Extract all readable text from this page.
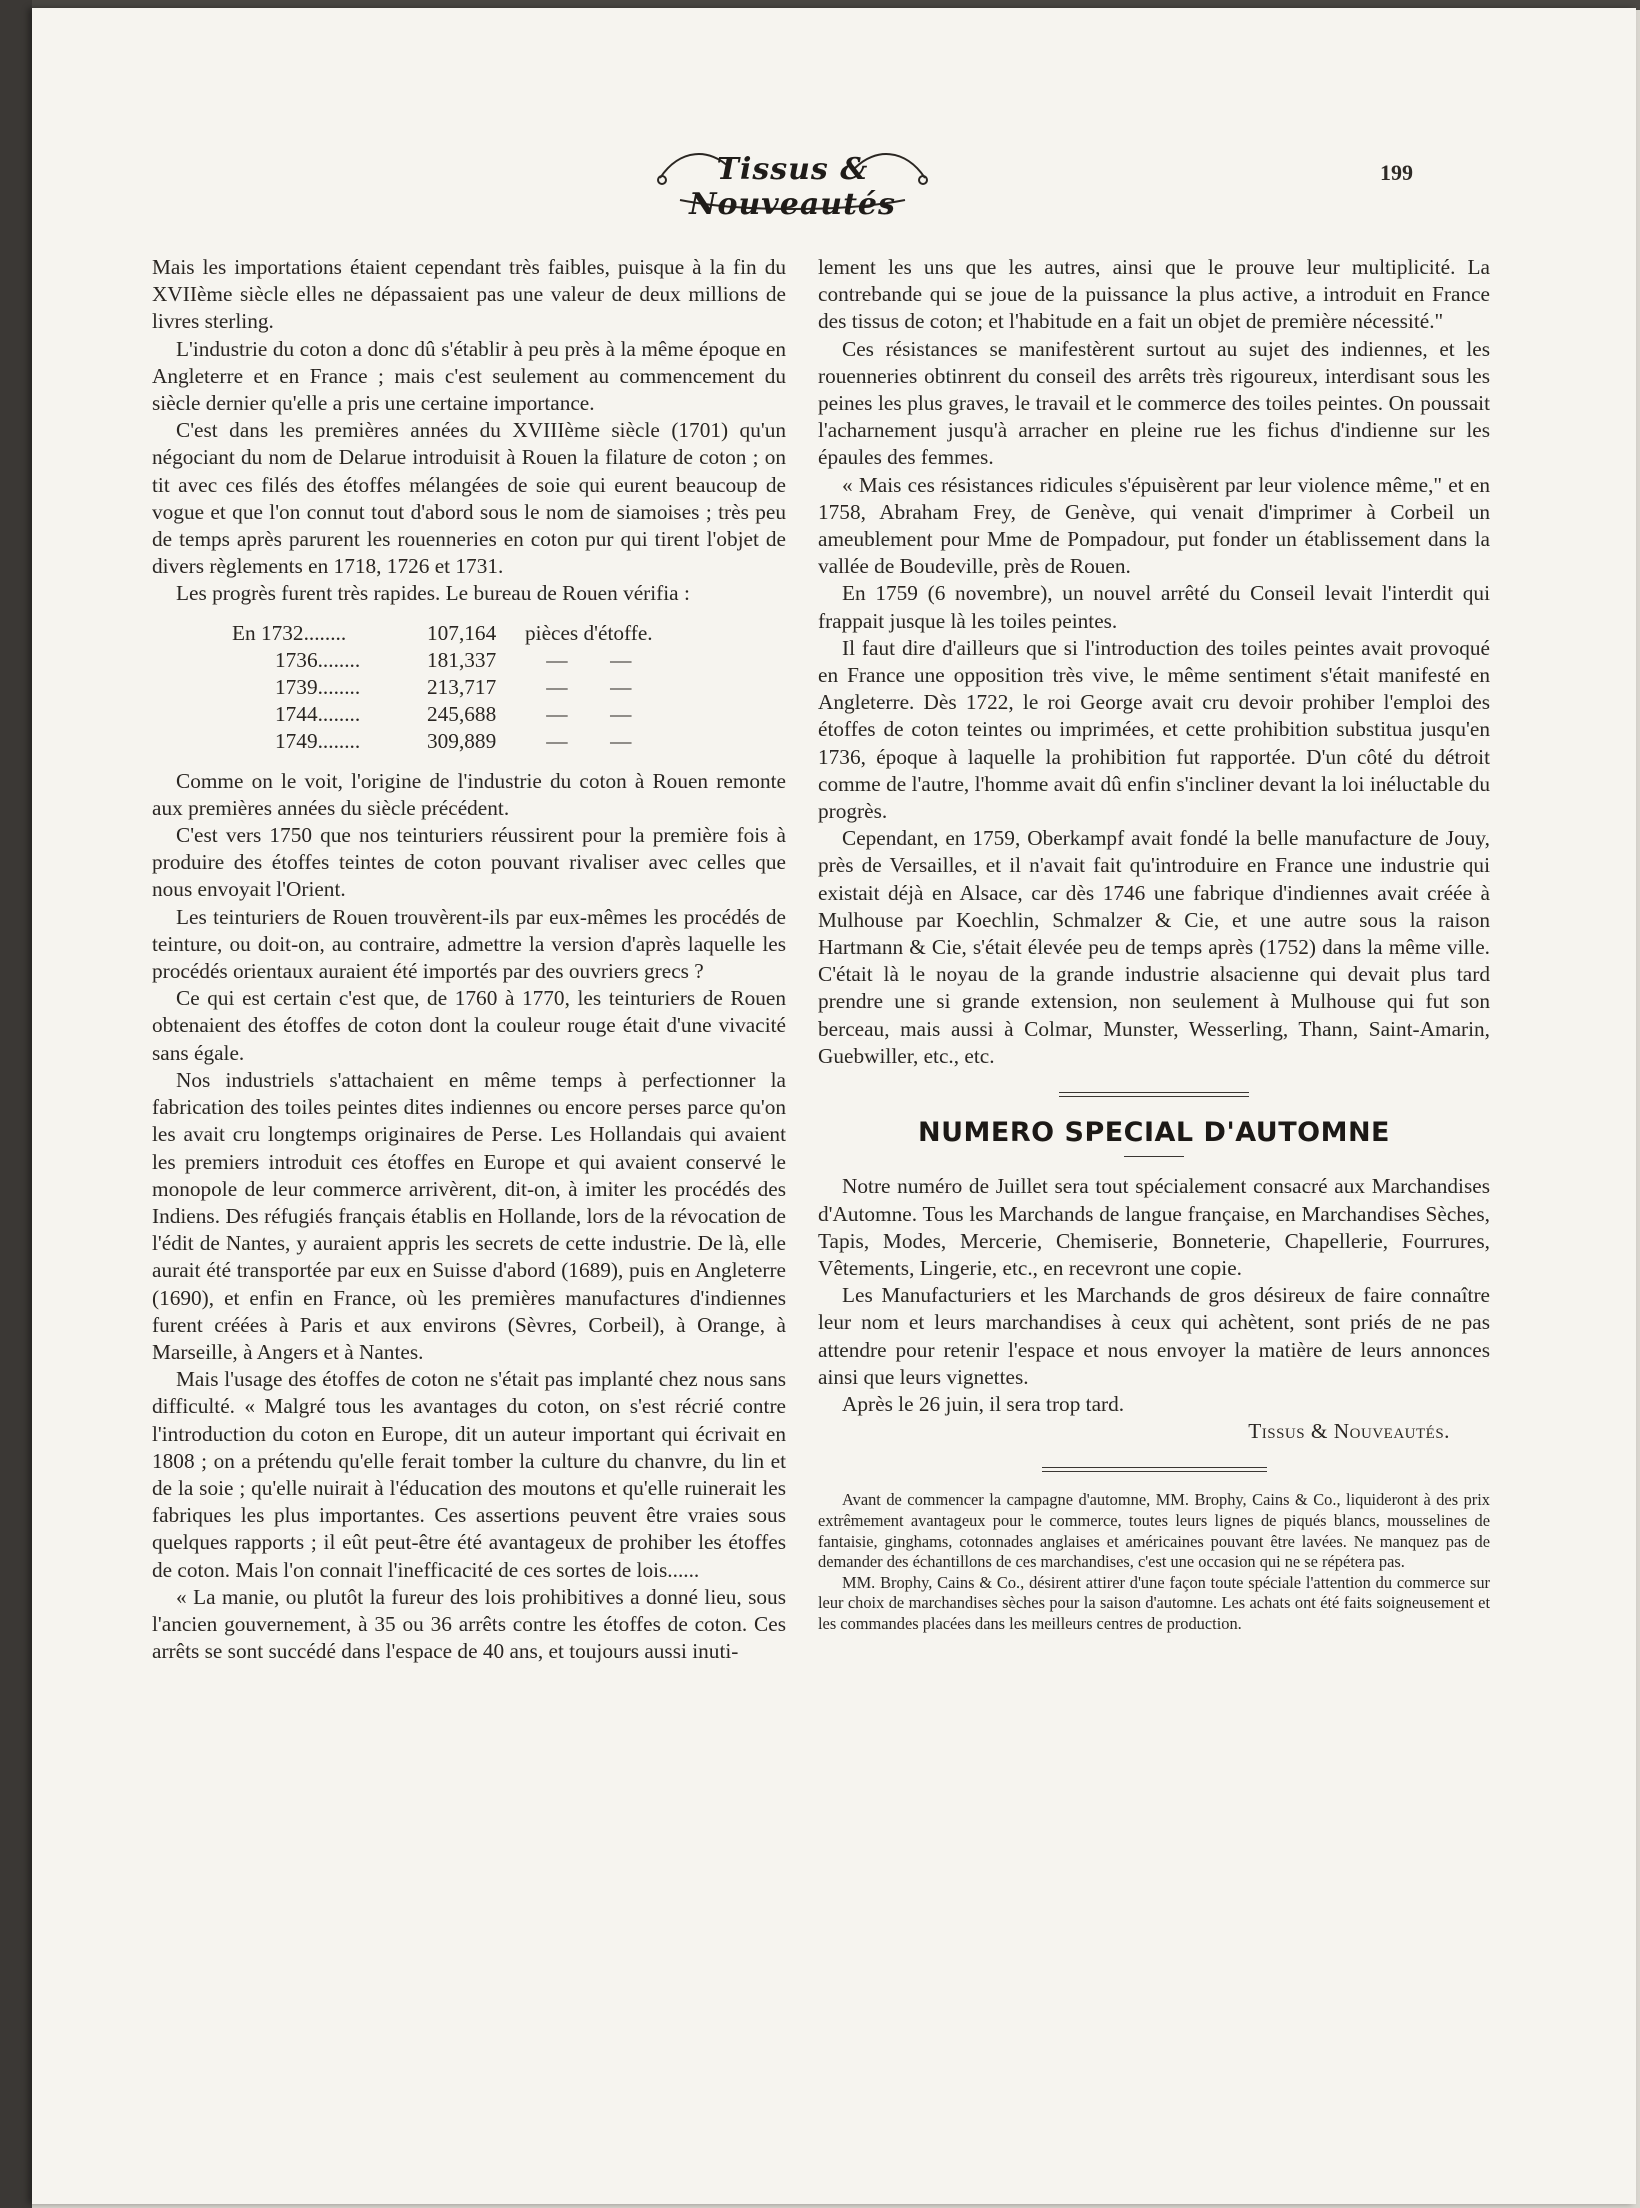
Tissus & Nouveautés
199

Mais les importations étaient cependant très faibles, puisque à la fin du XVIIème siècle elles ne dépassaient pas une valeur de deux millions de livres sterling.

L'industrie du coton a donc dû s'établir à peu près à la même époque en Angleterre et en France ; mais c'est seulement au commencement du siècle dernier qu'elle a pris une certaine importance.

C'est dans les premières années du XVIIIème siècle (1701) qu'un négociant du nom de Delarue introduisit à Rouen la filature de coton ; on tit avec ces filés des étoffes mélangées de soie qui eurent beaucoup de vogue et que l'on connut tout d'abord sous le nom de siamoises ; très peu de temps après parurent les rouenneries en coton pur qui tirent l'objet de divers règlements en 1718, 1726 et 1731.

Les progrès furent très rapides. Le bureau de Rouen vérifia :

En 1732........	107,164	pièces d'étoffe.	
1736........	181,337	—	—
1739........	213,717	—	—
1744........	245,688	—	—
1749........	309,889	—	—

Comme on le voit, l'origine de l'industrie du coton à Rouen remonte aux premières années du siècle précédent.

C'est vers 1750 que nos teinturiers réussirent pour la première fois à produire des étoffes teintes de coton pouvant rivaliser avec celles que nous envoyait l'Orient.

Les teinturiers de Rouen trouvèrent-ils par eux-mêmes les procédés de teinture, ou doit-on, au contraire, admettre la version d'après laquelle les procédés orientaux auraient été importés par des ouvriers grecs ?

Ce qui est certain c'est que, de 1760 à 1770, les teinturiers de Rouen obtenaient des étoffes de coton dont la couleur rouge était d'une vivacité sans égale.

Nos industriels s'attachaient en même temps à perfectionner la fabrication des toiles peintes dites indiennes ou encore perses parce qu'on les avait cru longtemps originaires de Perse. Les Hollandais qui avaient les premiers introduit ces étoffes en Europe et qui avaient conservé le monopole de leur commerce arrivèrent, dit-on, à imiter les procédés des Indiens. Des réfugiés français établis en Hollande, lors de la révocation de l'édit de Nantes, y auraient appris les secrets de cette industrie. De là, elle aurait été transportée par eux en Suisse d'abord (1689), puis en Angleterre (1690), et enfin en France, où les premières manufactures d'indiennes furent créées à Paris et aux environs (Sèvres, Corbeil), à Orange, à Marseille, à Angers et à Nantes.

Mais l'usage des étoffes de coton ne s'était pas implanté chez nous sans difficulté. « Malgré tous les avantages du coton, on s'est récrié contre l'introduction du coton en Europe, dit un auteur important qui écrivait en 1808 ; on a prétendu qu'elle ferait tomber la culture du chanvre, du lin et de la soie ; qu'elle nuirait à l'éducation des moutons et qu'elle ruinerait les fabriques les plus importantes. Ces assertions peuvent être vraies sous quelques rapports ; il eût peut-être été avantageux de prohiber les étoffes de coton. Mais l'on connait l'inefficacité de ces sortes de lois......

« La manie, ou plutôt la fureur des lois prohibitives a donné lieu, sous l'ancien gouvernement, à 35 ou 36 arrêts contre les étoffes de coton. Ces arrêts se sont succédé dans l'espace de 40 ans, et toujours aussi inuti-

lement les uns que les autres, ainsi que le prouve leur multiplicité. La contrebande qui se joue de la puissance la plus active, a introduit en France des tissus de coton; et l'habitude en a fait un objet de première nécessité."

Ces résistances se manifestèrent surtout au sujet des indiennes, et les rouenneries obtinrent du conseil des arrêts très rigoureux, interdisant sous les peines les plus graves, le travail et le commerce des toiles peintes. On poussait l'acharnement jusqu'à arracher en pleine rue les fichus d'indienne sur les épaules des femmes.

« Mais ces résistances ridicules s'épuisèrent par leur violence même," et en 1758, Abraham Frey, de Genève, qui venait d'imprimer à Corbeil un ameublement pour Mme de Pompadour, put fonder un établissement dans la vallée de Boudeville, près de Rouen.

En 1759 (6 novembre), un nouvel arrêté du Conseil levait l'interdit qui frappait jusque là les toiles peintes.

Il faut dire d'ailleurs que si l'introduction des toiles peintes avait provoqué en France une opposition très vive, le même sentiment s'était manifesté en Angleterre. Dès 1722, le roi George avait cru devoir prohiber l'emploi des étoffes de coton teintes ou imprimées, et cette prohibition substitua jusqu'en 1736, époque à laquelle la prohibition fut rapportée. D'un côté du détroit comme de l'autre, l'homme avait dû enfin s'incliner devant la loi inéluctable du progrès.

Cependant, en 1759, Oberkampf avait fondé la belle manufacture de Jouy, près de Versailles, et il n'avait fait qu'introduire en France une industrie qui existait déjà en Alsace, car dès 1746 une fabrique d'indiennes avait créée à Mulhouse par Koechlin, Schmalzer & Cie, et une autre sous la raison Hartmann & Cie, s'était élevée peu de temps après (1752) dans la même ville. C'était là le noyau de la grande industrie alsacienne qui devait plus tard prendre une si grande extension, non seulement à Mulhouse qui fut son berceau, mais aussi à Colmar, Munster, Wesserling, Thann, Saint-Amarin, Guebwiller, etc., etc.

NUMERO SPECIAL D'AUTOMNE

Notre numéro de Juillet sera tout spécialement consacré aux Marchandises d'Automne. Tous les Marchands de langue française, en Marchandises Sèches, Tapis, Modes, Mercerie, Chemiserie, Bonneterie, Chapellerie, Fourrures, Vêtements, Lingerie, etc., en recevront une copie.

Les Manufacturiers et les Marchands de gros désireux de faire connaître leur nom et leurs marchandises à ceux qui achètent, sont priés de ne pas attendre pour retenir l'espace et nous envoyer la matière de leurs annonces ainsi que leurs vignettes.

Après le 26 juin, il sera trop tard.

Tissus & Nouveautés.

Avant de commencer la campagne d'automne, MM. Brophy, Cains & Co., liquideront à des prix extrêmement avantageux pour le commerce, toutes leurs lignes de piqués blancs, mousselines de fantaisie, ginghams, cotonnades anglaises et américaines pouvant être lavées. Ne manquez pas de demander des échantillons de ces marchandises, c'est une occasion qui ne se répétera pas.

MM. Brophy, Cains & Co., désirent attirer d'une façon toute spéciale l'attention du commerce sur leur choix de marchandises sèches pour la saison d'automne. Les achats ont été faits soigneusement et les commandes placées dans les meilleurs centres de production.
